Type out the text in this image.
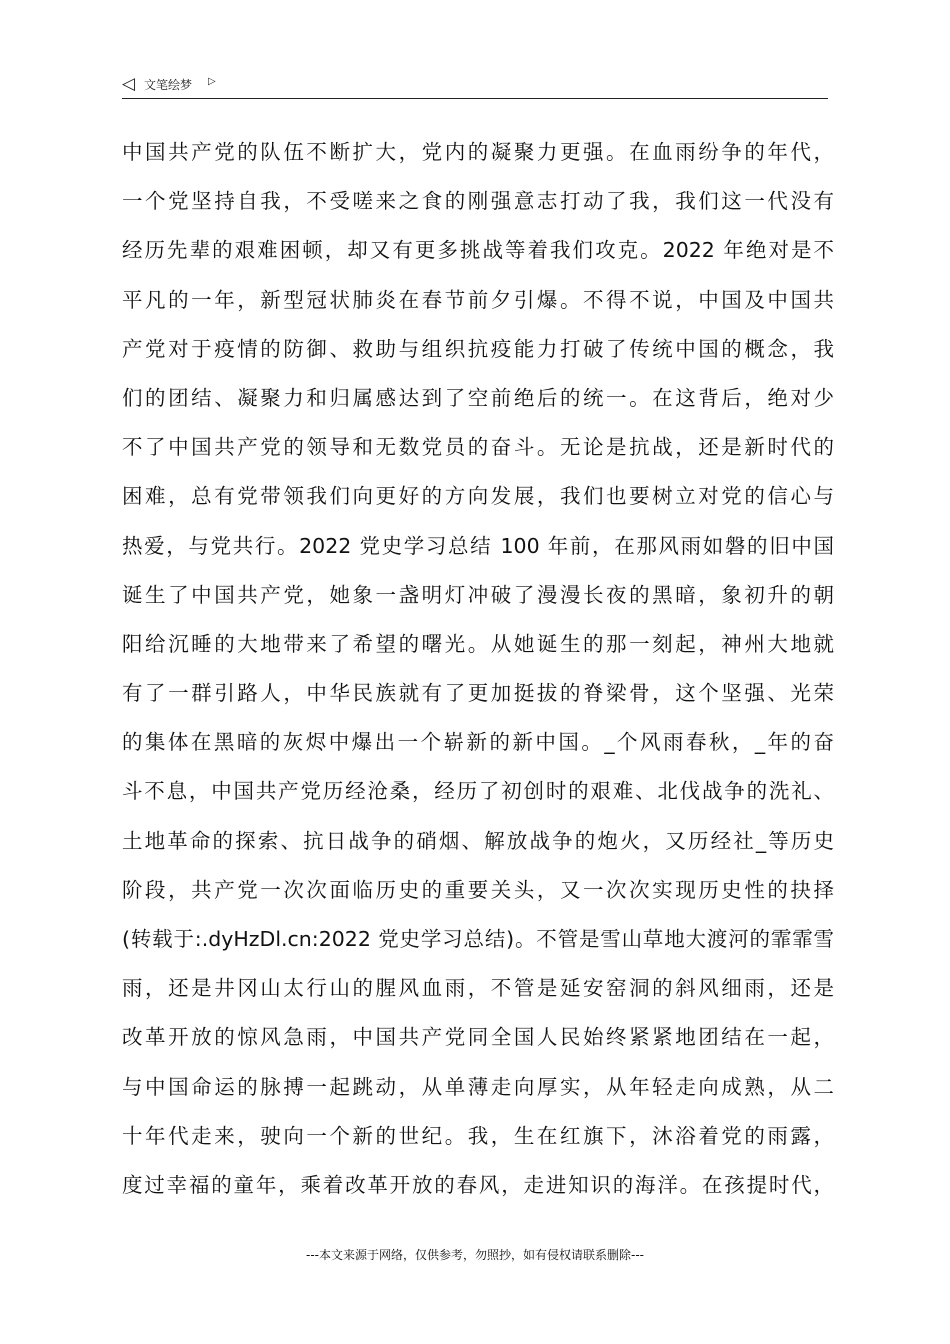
◁ 文笔绘梦 ▷
中国共产党的队伍不断扩大，党内的凝聚力更强。在血雨纷争的年代，
一个党坚持自我，不受嗟来之食的刚强意志打动了我，我们这一代没有
经历先辈的艰难困顿，却又有更多挑战等着我们攻克。2022 年绝对是不
平凡的一年，新型冠状肺炎在春节前夕引爆。不得不说，中国及中国共
产党对于疫情的防御、救助与组织抗疫能力打破了传统中国的概念，我
们的团结、凝聚力和归属感达到了空前绝后的统一。在这背后，绝对少
不了中国共产党的领导和无数党员的奋斗。无论是抗战，还是新时代的
困难，总有党带领我们向更好的方向发展，我们也要树立对党的信心与
热爱，与党共行。2022 党史学习总结 100 年前，在那风雨如磐的旧中国
诞生了中国共产党，她象一盏明灯冲破了漫漫长夜的黑暗，象初升的朝
阳给沉睡的大地带来了希望的曙光。从她诞生的那一刻起，神州大地就
有了一群引路人，中华民族就有了更加挺拔的脊梁骨，这个坚强、光荣
的集体在黑暗的灰烬中爆出一个崭新的新中国。_个风雨春秋，_年的奋
斗不息，中国共产党历经沧桑，经历了初创时的艰难、北伐战争的洗礼、
土地革命的探索、抗日战争的硝烟、解放战争的炮火，又历经社_等历史
阶段，共产党一次次面临历史的重要关头，又一次次实现历史性的抉择
(转载于:.dyHzDl.cn:2022 党史学习总结)。不管是雪山草地大渡河的霏霏雪
雨，还是井冈山太行山的腥风血雨，不管是延安窑洞的斜风细雨，还是
改革开放的惊风急雨，中国共产党同全国人民始终紧紧地团结在一起，
与中国命运的脉搏一起跳动，从单薄走向厚实，从年轻走向成熟，从二
十年代走来，驶向一个新的世纪。我，生在红旗下，沐浴着党的雨露，
度过幸福的童年，乘着改革开放的春风，走进知识的海洋。在孩提时代，
---本文来源于网络，仅供参考，勿照抄，如有侵权请联系删除---
